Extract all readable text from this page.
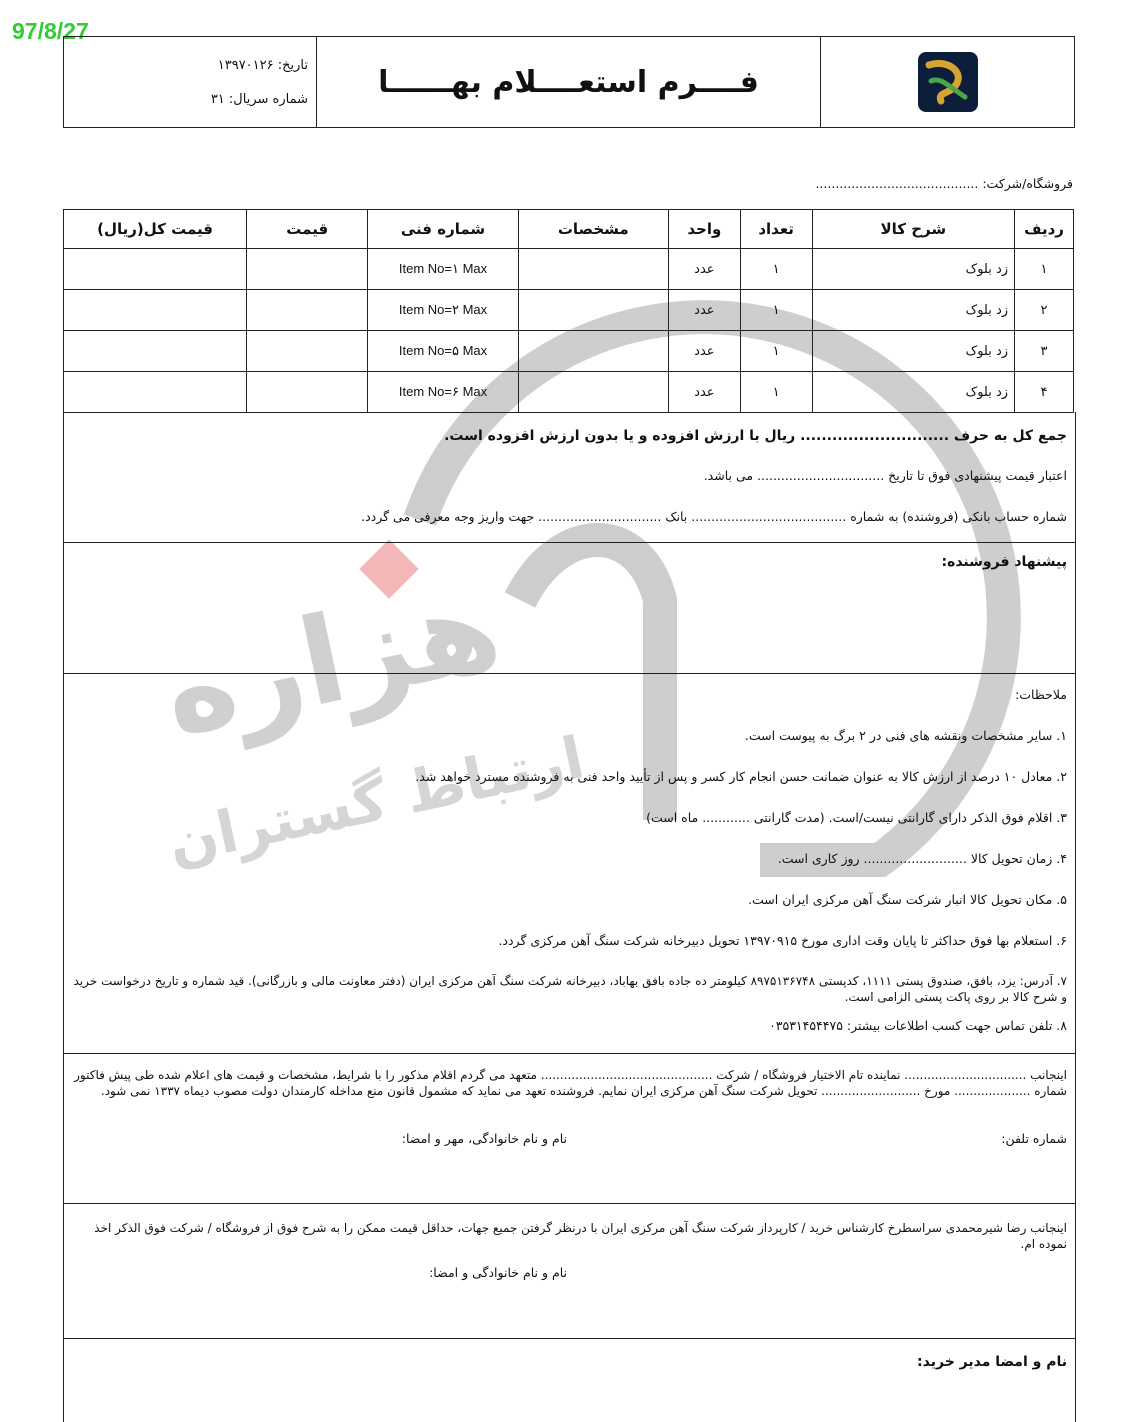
هزاره
ارتباط گستران
97/8/27
فــــرم استعــــلام بهــــــا
تاریخ: ۱۳۹۷۰۱۲۶
شماره سریال: ۳۱
فروشگاه/شرکت: .........................................
ردیف	شرح کالا	تعداد	واحد	مشخصات	شماره فنی	قیمت	قیمت کل(ریال)
۱	زد بلوک	۱	عدد		Item No=۱ Max		
۲	زد بلوک	۱	عدد		Item No=۲ Max		
۳	زد بلوک	۱	عدد		Item No=۵ Max		
۴	زد بلوک	۱	عدد		Item No=۶ Max		
جمع کل به حرف ............................ ریال با ارزش افزوده و یا بدون ارزش افزوده است.
اعتبار قیمت پیشنهادی فوق تا تاریخ ................................ می باشد.
شماره حساب بانکی (فروشنده) به شماره ....................................... بانک ............................... جهت واریز وجه معرفی می گردد.
پیشنهاد فروشنده:
ملاحظات:
۱. سایر مشخصات ونقشه های فنی در ۲ برگ به پیوست است.
۲. معادل ۱۰ درصد از ارزش کالا به عنوان ضمانت حسن انجام کار کسر و پس از تأیید واحد فنی به فروشنده مسترد خواهد شد.
۳. اقلام فوق الذکر دارای گارانتی نیست/است. (مدت گارانتی ............ ماه است)
۴. زمان تحویل کالا .......................... روز کاری است.
۵. مکان تحویل کالا انبار شرکت سنگ آهن مرکزی ایران است.
۶. استعلام بها فوق حداکثر تا پایان وقت اداری مورخ ۱۳۹۷۰۹۱۵ تحویل دبیرخانه شرکت سنگ آهن مرکزی گردد.
۷. آدرس: یزد، بافق، صندوق پستی ۱۱۱۱، کدپستی ۸۹۷۵۱۳۶۷۴۸ کیلومتر ده جاده بافق بهاباد، دبیرخانه شرکت سنگ آهن مرکزی ایران (دفتر معاونت مالی و بازرگانی). قید شماره و تاریخ درخواست خرید و شرح کالا بر روی پاکت پستی الزامی است.
۸. تلفن تماس جهت کسب اطلاعات بیشتر: ۰۳۵۳۱۴۵۴۴۷۵
اینجانب ................................ نماینده تام الاختیار فروشگاه / شرکت ............................................. متعهد می گردم اقلام مذکور را با شرایط، مشخصات و قیمت های اعلام شده طی پیش فاکتور شماره .................... مورخ .......................... تحویل شرکت سنگ آهن مرکزی ایران نمایم. فروشنده تعهد می نماید که مشمول قانون منع مداخله کارمندان دولت مصوب دیماه ۱۳۳۷ نمی شود.
شماره تلفن:
نام و نام خانوادگی، مهر و امضا:
اینجانب رضا شیرمحمدی سراسطرخ کارشناس خرید / کارپرداز شرکت سنگ آهن مرکزی ایران با درنظر گرفتن جمیع جهات، حداقل قیمت ممکن را به شرح فوق از فروشگاه / شرکت فوق الذکر اخذ نموده ام.
نام و نام خانوادگی و امضا:
نام و امضا مدیر خرید:
